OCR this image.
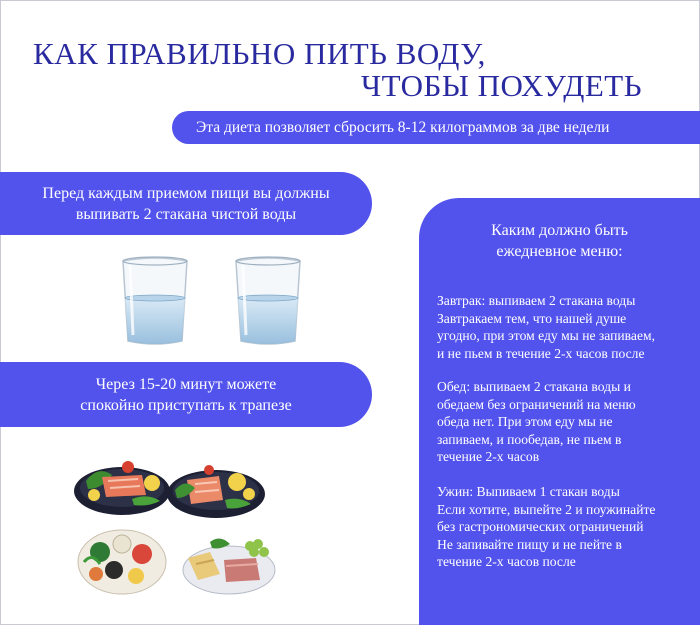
КАК ПРАВИЛЬНО ПИТЬ ВОДУ,
ЧТОБЫ ПОХУДЕТЬ
Эта диета позволяет сбросить 8-12 килограммов за две недели
Перед каждым приемом пищи вы должны
выпивать 2 стакана чистой воды
Через 15-20 минут можете
спокойно приступать к трапезе
Каким должно быть
ежедневное меню:
Завтрак: выпиваем 2 стакана воды
Завтракаем тем, что нашей душе
угодно, при этом еду мы не запиваем,
и не пьем в течение 2-х часов после
Обед: выпиваем 2 стакана воды и
обедаем без ограничений на меню
обеда нет. При этом еду мы не
запиваем, и пообедав, не пьем в
течение 2-х часов
Ужин: Выпиваем 1 стакан воды
Если хотите, выпейте 2 и поужинайте
без гастрономических ограничений
Не запивайте пищу и не пейте в
течение 2-х часов после
